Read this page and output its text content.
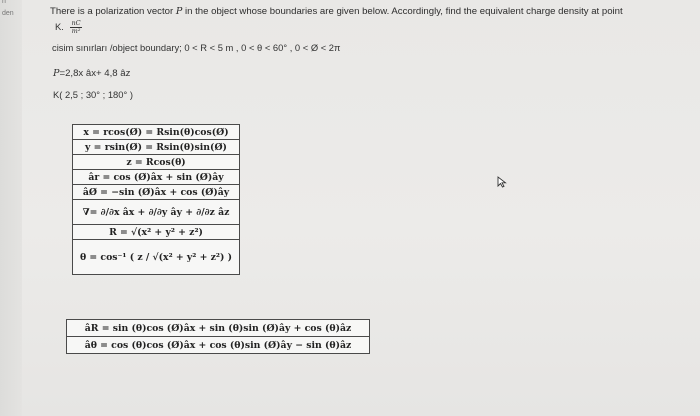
n
den	There is a polarization vector P in the object whose boundaries are given below. Accordingly, find the equivalent charge density at point
K. $\frac{nC}{\text{m²}}$
cisim sınırları /object boundary; 0 < R < 5 m , 0 < θ < 60° , 0 < Ø < 2π
P=2,8x âx+ 4,8 âz
K( 2,5 ; 30° ; 180° )
x = rcos(Ø) = Rsin(θ)cos(Ø)
y = rsin(Ø) = Rsin(θ)sin(Ø)
z = Rcos(θ)
âr = cos (Ø)âx + sin (Ø)ây
âØ = −sin (Ø)âx + cos (Ø)ây
∇= ∂/∂x âx + ∂/∂y ây + ∂/∂z âz
R = √(x² + y² + z²)
θ = cos⁻¹ ( z / √(x² + y² + z²) )
âR = sin (θ)cos (Ø)âx + sin (θ)sin (Ø)ây + cos (θ)âz
âθ = cos (θ)cos (Ø)âx + cos (θ)sin (Ø)ây − sin (θ)âz
